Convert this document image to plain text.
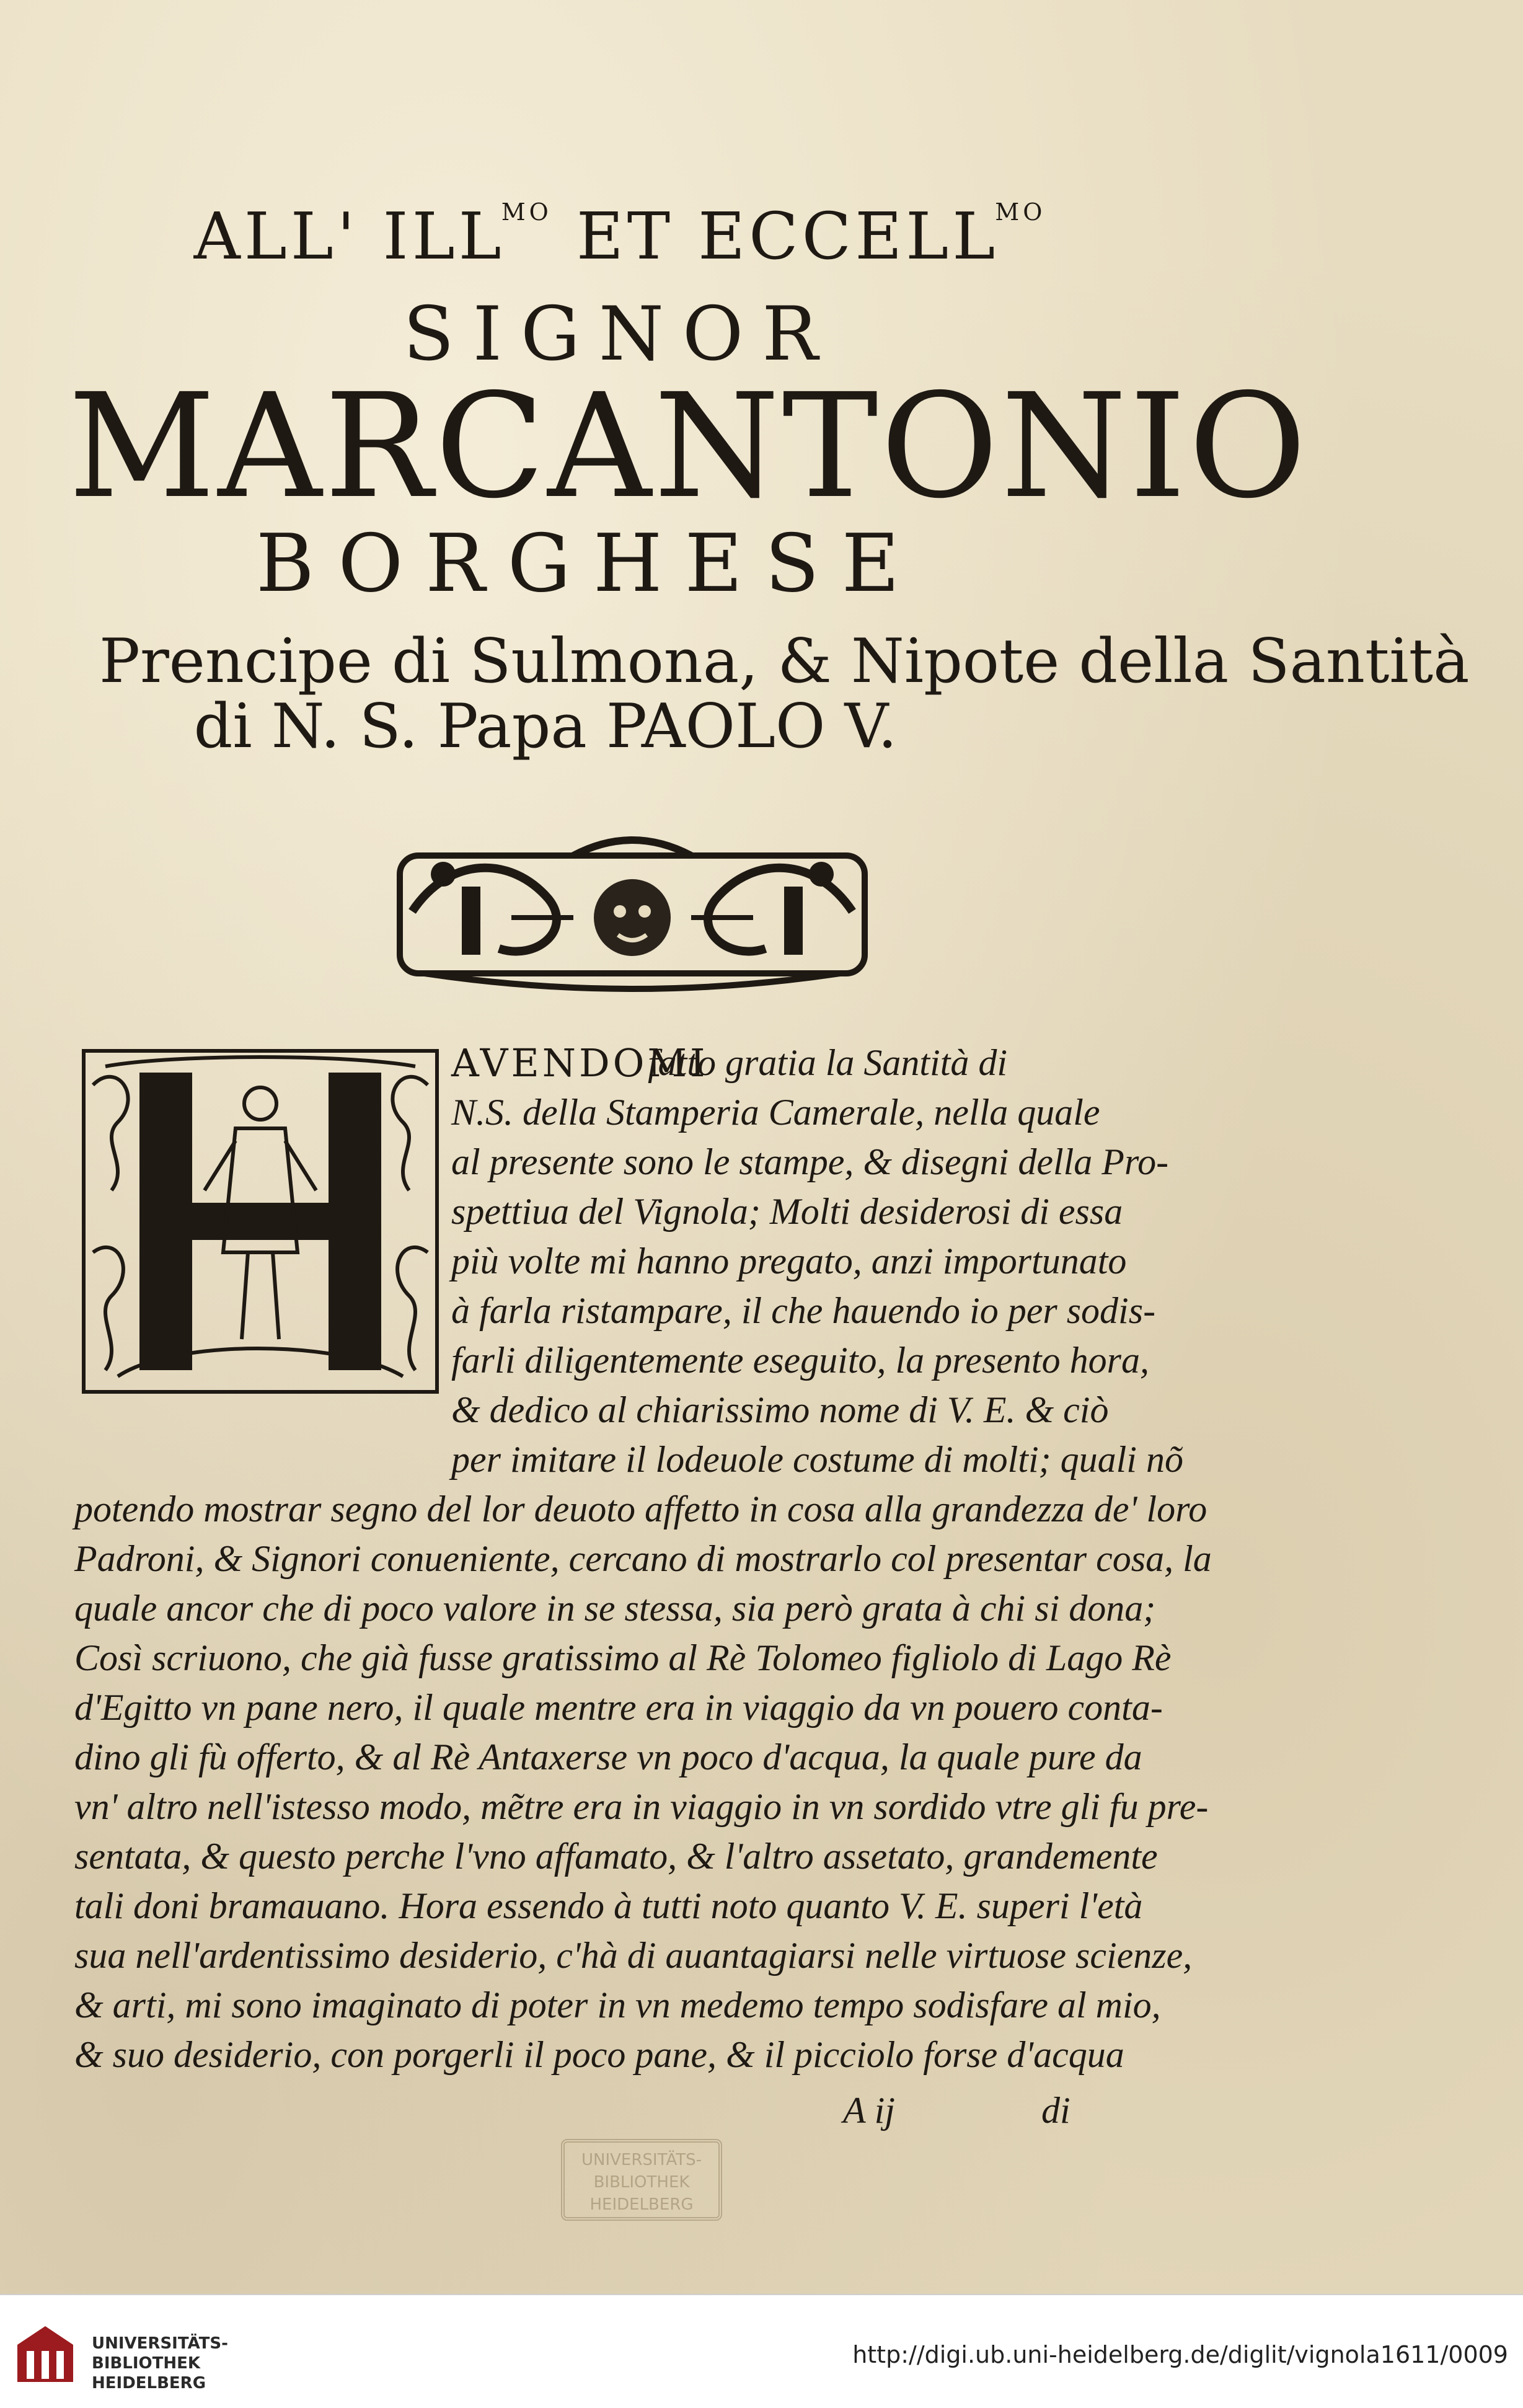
ALL' $ILL^{MO}$ ET $ECCELL^{MO}$
SIGNOR
MARCANTONIO
BORGHESE
Prencipe di Sulmona, & Nipote della Santità
di N. S. Papa PAOLO V.
AVENDOMI
fatto gratia la Santità di
N.S. della Stamperia Camerale, nella quale
al presente sono le stampe, & disegni della Pro-
spettiua del Vignola; Molti desiderosi di essa
più volte mi hanno pregato, anzi importunato
à farla ristampare, il che hauendo io per sodis-
farli diligentemente eseguito, la presento hora,
& dedico al chiarissimo nome di V. E. & ciò
per imitare il lodeuole costume di molti; quali nõ
potendo mostrar segno del lor deuoto affetto in cosa alla grandezza de' loro
Padroni, & Signori conueniente, cercano di mostrarlo col presentar cosa, la
quale ancor che di poco valore in se stessa, sia però grata à chi si dona;
Così scriuono, che già fusse gratissimo al Rè Tolomeo figliolo di Lago Rè
d'Egitto vn pane nero, il quale mentre era in viaggio da vn pouero conta-
dino gli fù offerto, & al Rè Antaxerse vn poco d'acqua, la quale pure da
vn' altro nell'istesso modo, mẽtre era in viaggio in vn sordido vtre gli fu pre-
sentata, & questo perche l'vno affamato, & l'altro assetato, grandemente
tali doni bramauano. Hora essendo à tutti noto quanto V. E. superi l'età
sua nell'ardentissimo desiderio, c'hà di auantagiarsi nelle virtuose scienze,
& arti, mi sono imaginato di poter in vn medemo tempo sodisfare al mio,
& suo desiderio, con porgerli il poco pane, & il picciolo forse d'acqua
A ij	di
UNIVERSITÄTS-
BIBLIOTHEK
HEIDELBERG
UNIVERSITÄTS-
BIBLIOTHEK
HEIDELBERG
http://digi.ub.uni-heidelberg.de/diglit/vignola1611/0009
